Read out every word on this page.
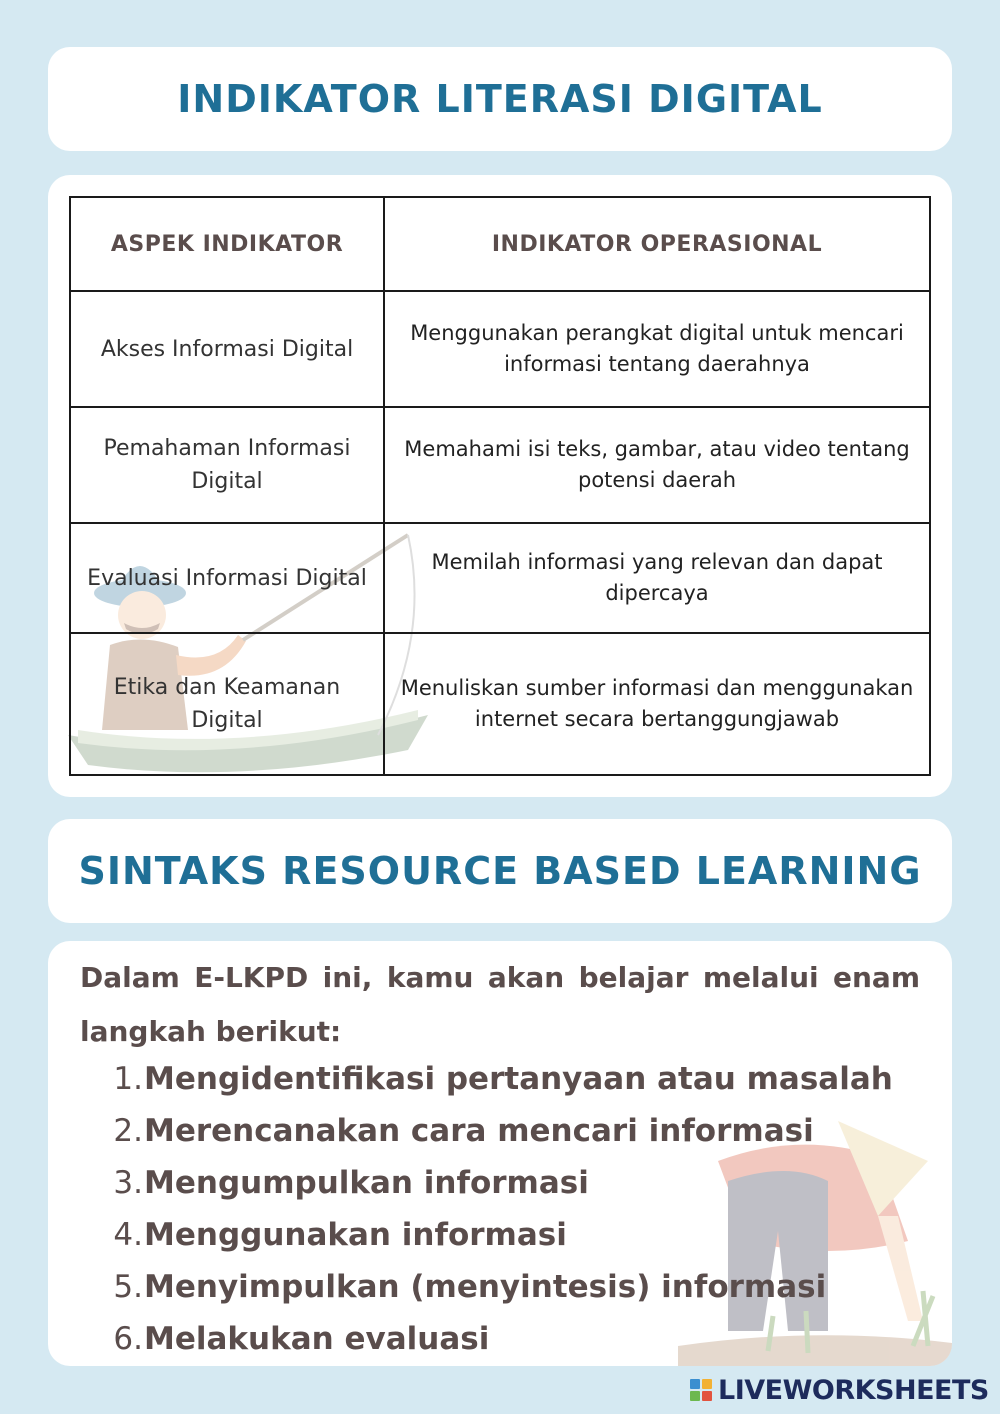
INDIKATOR LITERASI DIGITAL
ASPEK INDIKATOR	INDIKATOR OPERASIONAL
Akses Informasi Digital	Menggunakan perangkat digital untuk mencari informasi tentang daerahnya
Pemahaman Informasi Digital	Memahami isi teks, gambar, atau video tentang potensi daerah
Evaluasi Informasi Digital	Memilah informasi yang relevan dan dapat dipercaya
Etika dan Keamanan Digital	Menuliskan sumber informasi dan menggunakan internet secara bertanggungjawab
SINTAKS RESOURCE BASED LEARNING

Dalam E-LKPD ini, kamu akan belajar melalui enam langkah berikut:

1. Mengidentifikasi pertanyaan atau masalah
2. Merencanakan cara mencari informasi
3. Mengumpulkan informasi
4. Menggunakan informasi
5. Menyimpulkan (menyintesis) informasi
6. Melakukan evaluasi
LIVEWORKSHEETS
